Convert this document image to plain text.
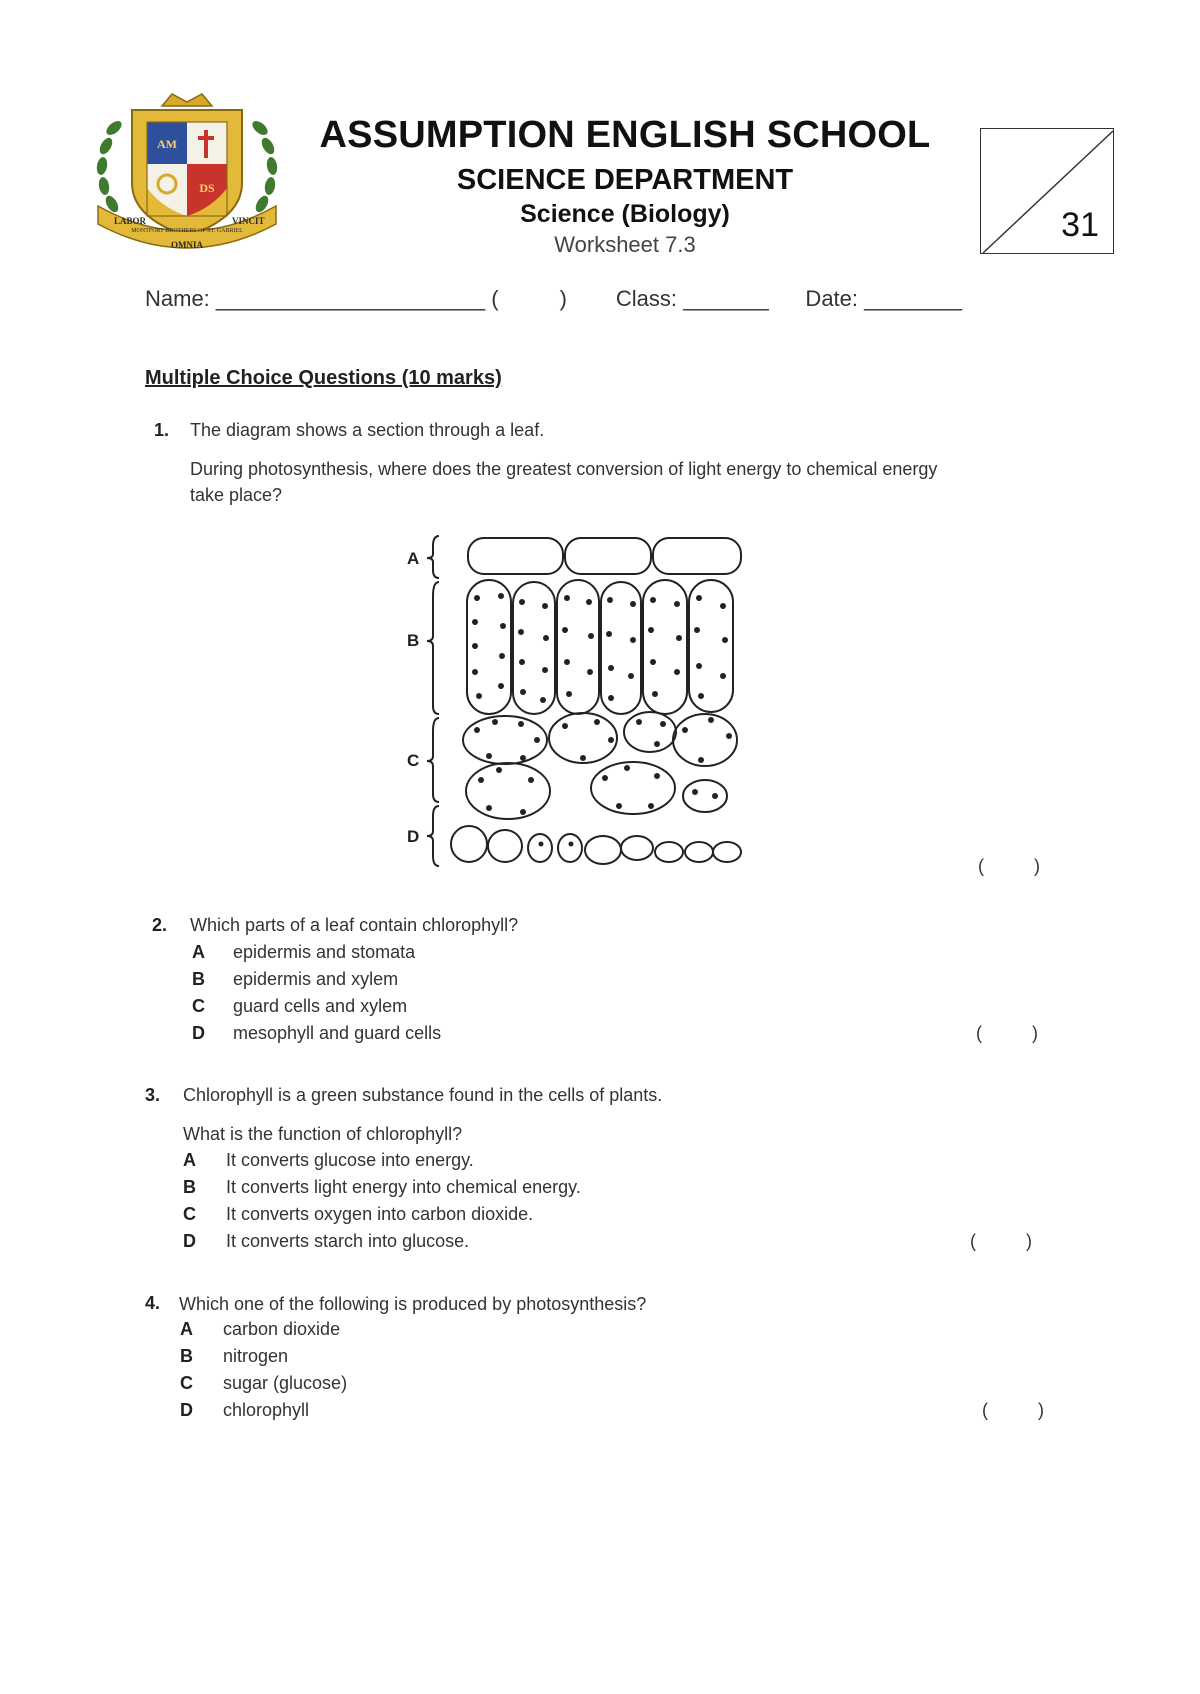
AM
DS
LABOR	VINCIT
OMNIA
MONTFORT BROTHERS OF ST. GABRIEL
ASSUMPTION ENGLISH SCHOOL
SCIENCE DEPARTMENT
Science (Biology)
Worksheet 7.3
31
Name: ______________________ (          )        Class: _______      Date: ________
Multiple Choice Questions (10 marks)
1. The diagram shows a section through a leaf.
During photosynthesis, where does the greatest conversion of light energy to chemical energy
take place?
A
B
C
D
(          )
2. Which parts of a leaf contain chlorophyll?
A epidermis and stomata
B epidermis and xylem
C guard cells and xylem
D mesophyll and guard cells	(          )
3. Chlorophyll is a green substance found in the cells of plants.
What is the function of chlorophyll?
A It converts glucose into energy.
B It converts light energy into chemical energy.
C It converts oxygen into carbon dioxide.
D It converts starch into glucose.	(          )
4. Which one of the following is produced by photosynthesis?
A carbon dioxide
B nitrogen
C sugar (glucose)
D chlorophyll	(          )
